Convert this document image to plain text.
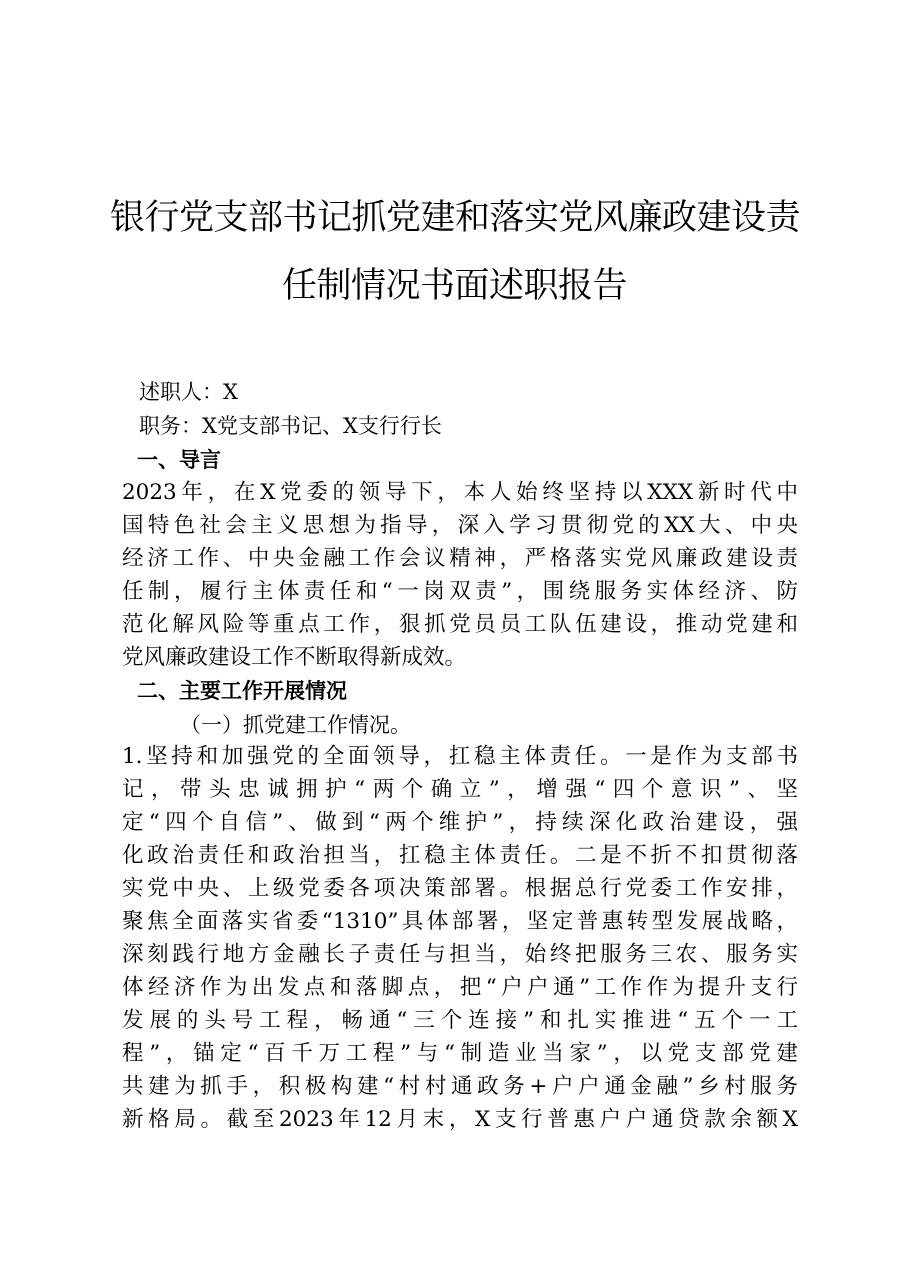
银行党支部书记抓党建和落实党风廉政建设责
任制情况书面述职报告
述职人：X
职务：X党支部书记、X支行行长
一、导言
2023年，在X党委的领导下，本人始终坚持以XXX新时代中
国特色社会主义思想为指导，深入学习贯彻党的XX大、中央
经济工作、中央金融工作会议精神，严格落实党风廉政建设责
任制，履行主体责任和“一岗双责”，围绕服务实体经济、防
范化解风险等重点工作，狠抓党员员工队伍建设，推动党建和
党风廉政建设工作不断取得新成效。
二、主要工作开展情况
（一）抓党建工作情况。
1.坚持和加强党的全面领导，扛稳主体责任。一是作为支部书
记，带头忠诚拥护“两个确立”，增强“四个意识”、坚
定“四个自信”、做到“两个维护”，持续深化政治建设，强
化政治责任和政治担当，扛稳主体责任。二是不折不扣贯彻落
实党中央、上级党委各项决策部署。根据总行党委工作安排，
聚焦全面落实省委“1310”具体部署，坚定普惠转型发展战略，
深刻践行地方金融长子责任与担当，始终把服务三农、服务实
体经济作为出发点和落脚点，把“户户通”工作作为提升支行
发展的头号工程，畅通“三个连接”和扎实推进“五个一工
程”，锚定“百千万工程”与“制造业当家”，以党支部党建
共建为抓手，积极构建“村村通政务+户户通金融”乡村服务
新格局。截至2023年12月末，X支行普惠户户通贷款余额X
